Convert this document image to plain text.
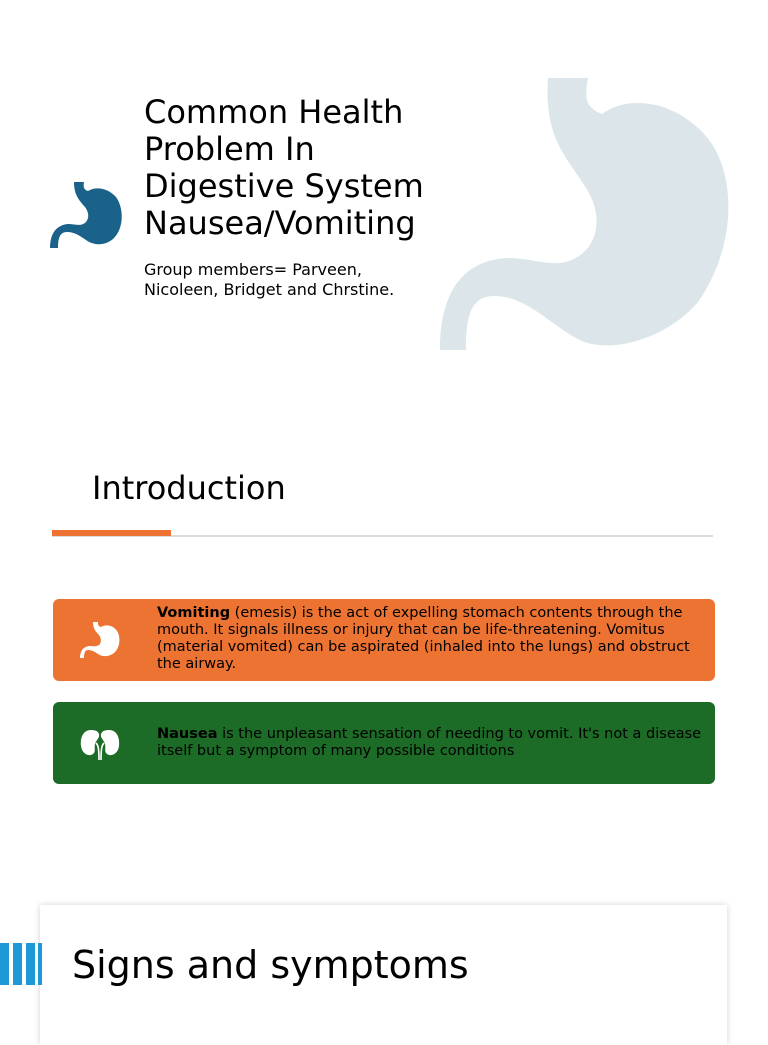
Common Health
Problem In
Digestive System
Nausea/Vomiting

Group members= Parveen,
Nicoleen, Bridget and Chrstine.

Introduction
Vomiting (emesis) is the act of expelling stomach contents through the mouth. It signals illness or injury that can be life-threatening. Vomitus (material vomited) can be aspirated (inhaled into the lungs) and obstruct the airway.
Nausea is the unpleasant sensation of needing to vomit. It's not a disease itself but a symptom of many possible conditions
Signs and symptoms
